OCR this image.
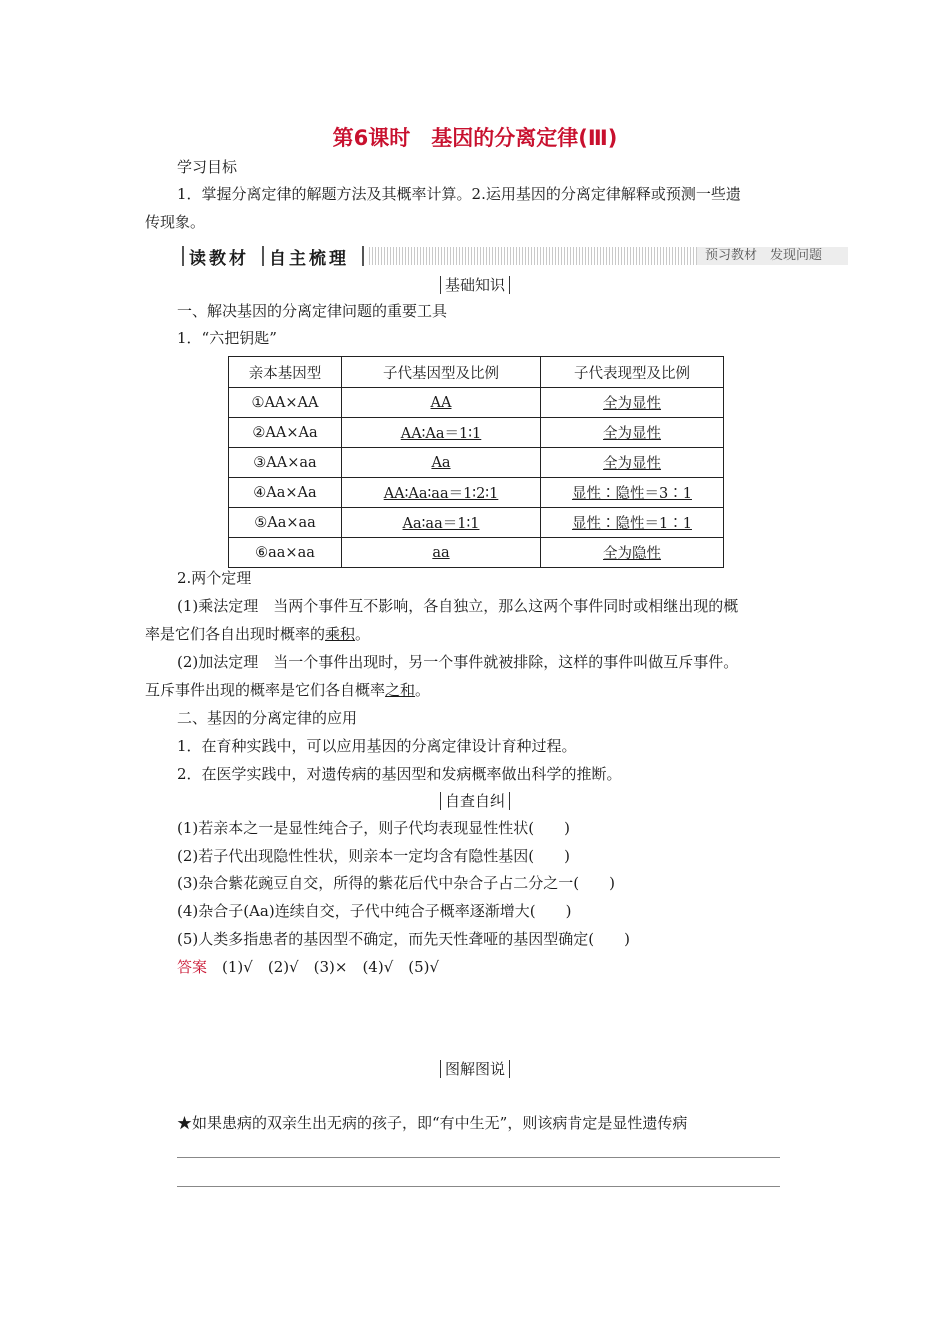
第6课时　基因的分离定律(Ⅲ)
学习目标
1．掌握分离定律的解题方法及其概率计算。2.运用基因的分离定律解释或预测一些遗
传现象。
读教材	自主梳理	预习教材　发现问题
基础知识
一、解决基因的分离定律问题的重要工具
1．“六把钥匙”
亲本基因型	子代基因型及比例	子代表现型及比例
①AA×AA	AA	全为显性
②AA×Aa	AA∶Aa＝1∶1	全为显性
③AA×aa	Aa	全为显性
④Aa×Aa	AA∶Aa∶aa＝1∶2∶1	显性∶隐性＝3∶1
⑤Aa×aa	Aa∶aa＝1∶1	显性∶隐性＝1∶1
⑥aa×aa	aa	全为隐性
2.两个定理
(1)乘法定理　当两个事件互不影响，各自独立，那么这两个事件同时或相继出现的概
率是它们各自出现时概率的乘积。
(2)加法定理　当一个事件出现时，另一个事件就被排除，这样的事件叫做互斥事件。
互斥事件出现的概率是它们各自概率之和。
二、基因的分离定律的应用
1．在育种实践中，可以应用基因的分离定律设计育种过程。
2．在医学实践中，对遗传病的基因型和发病概率做出科学的推断。
自查自纠
(1)若亲本之一是显性纯合子，则子代均表现显性性状(　　)
(2)若子代出现隐性性状，则亲本一定均含有隐性基因(　　)
(3)杂合紫花豌豆自交，所得的紫花后代中杂合子占二分之一(　　)
(4)杂合子(Aa)连续自交，子代中纯合子概率逐渐增大(　　)
(5)人类多指患者的基因型不确定，而先天性聋哑的基因型确定(　　)
答案　 (1)√　(2)√　(3)×　(4)√　(5)√
图解图说
★如果患病的双亲生出无病的孩子，即“有中生无”，则该病肯定是显性遗传病
